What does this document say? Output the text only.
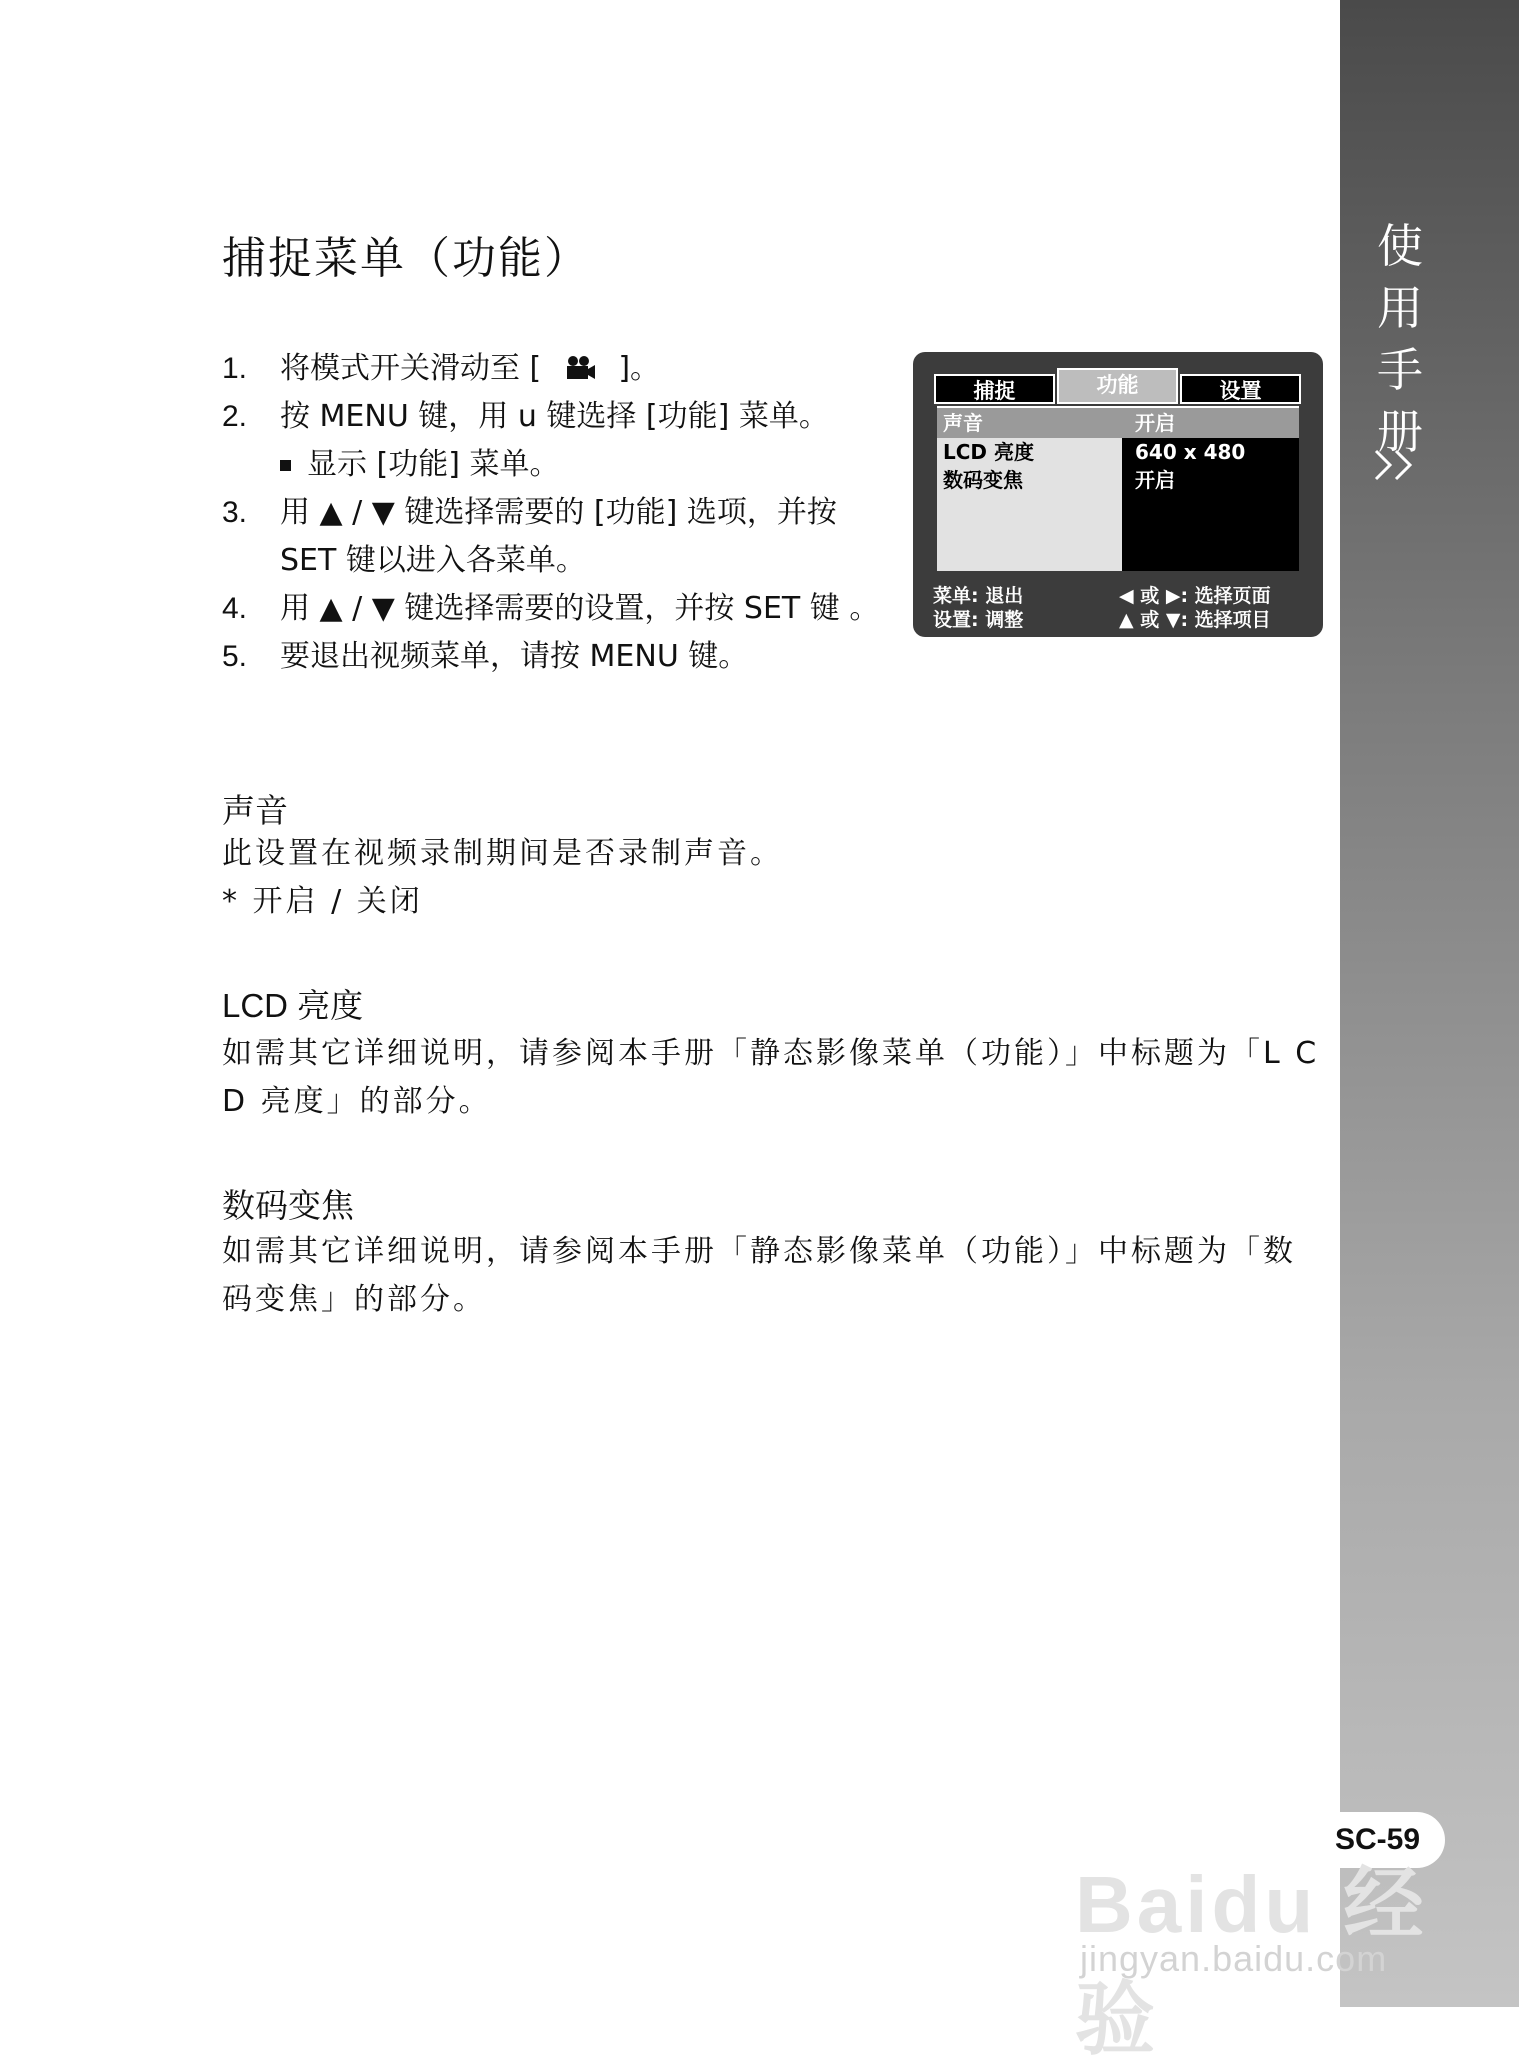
使
用
手
册
SC-59
捕捉菜单（功能）
1. 将模式开关滑动至 [	]。
2. 按 MENU 键，用 u 键选择 [功能] 菜单。
显示 [功能] 菜单。
3. 用 ▲ / ▼ 键选择需要的 [功能] 选项，并按 SET 键以进入各菜单。
4. 用 ▲ / ▼ 键选择需要的设置，并按 SET 键 。
5. 要退出视频菜单，请按 MENU 键。
捕捉	功能	设置
声音	开启
LCD 亮度	640 x 480
数码变焦	开启
菜单: 退出
设置: 调整
◀ 或 ▶: 选择页面
▲ 或 ▼: 选择项目
声音

此设置在视频录制期间是否录制声音。

* 开启 / 关闭

LCD 亮度

如需其它详细说明，请参阅本手册「静态影像菜单（功能）」中标题为「L C D 亮度」的部分。

数码变焦

如需其它详细说明，请参阅本手册「静态影像菜单（功能）」中标题为「数码变焦」的部分。

Baidu 经验
jingyan.baidu.com
